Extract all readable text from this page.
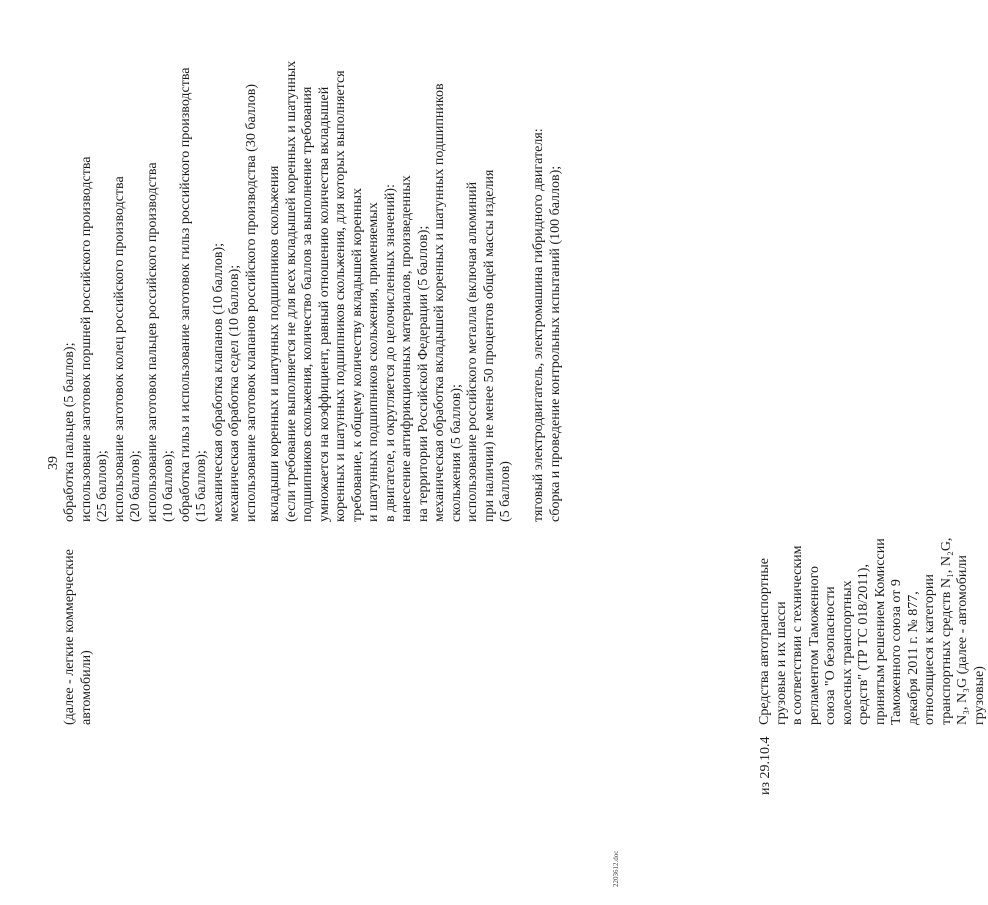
39
из 29.10.4
(далее - легкие коммерческие автомобили)	Средства автотранспортные грузовые и их шасси в соответствии с техническим регламентом Таможенного союза "О безопасности колесных транспортных средств" (ТР ТС 018/2011), принятым решением Комиссии Таможенного союза от 9 декабря 2011 г. № 877, относящиеся к категории транспортных средств N₁, N₂G, N₃, N₃G (далее - автомобили грузовые)
обработка пальцев (5 баллов); использование заготовок поршней российского производства (25 баллов); использование заготовок колец российского производства (20 баллов); использование заготовок пальцев российского производства (10 баллов); обработка гильз и использование заготовок гильз российского производства (15 баллов); механическая обработка клапанов (10 баллов); механическая обработка седел (10 баллов); использование заготовок клапанов российского производства (30 баллов) вкладыши коренных и шатунных подшипников скольжения (если требование выполняется не для всех вкладышей коренных и шатунных подшипников скольжения, количество баллов за выполнение требования умножается на коэффициент, равный отношению количества вкладышей коренных и шатунных подшипников скольжения, для которых выполняется требование, к общему количеству вкладышей коренных и шатунных подшипников скольжения, применяемых в двигателе, и округляется до целочисленных значений): нанесение антифрикционных материалов, произведенных на территории Российской Федерации (5 баллов); механическая обработка вкладышей коренных и шатунных подшипников скольжения (5 баллов); использование российского металла (включая алюминий при наличии) не менее 50 процентов общей массы изделия (5 баллов) тяговый электродвигатель, электромашина гибридного двигателя: сборка и проведение контрольных испытаний (100 баллов);
2203612.doc
